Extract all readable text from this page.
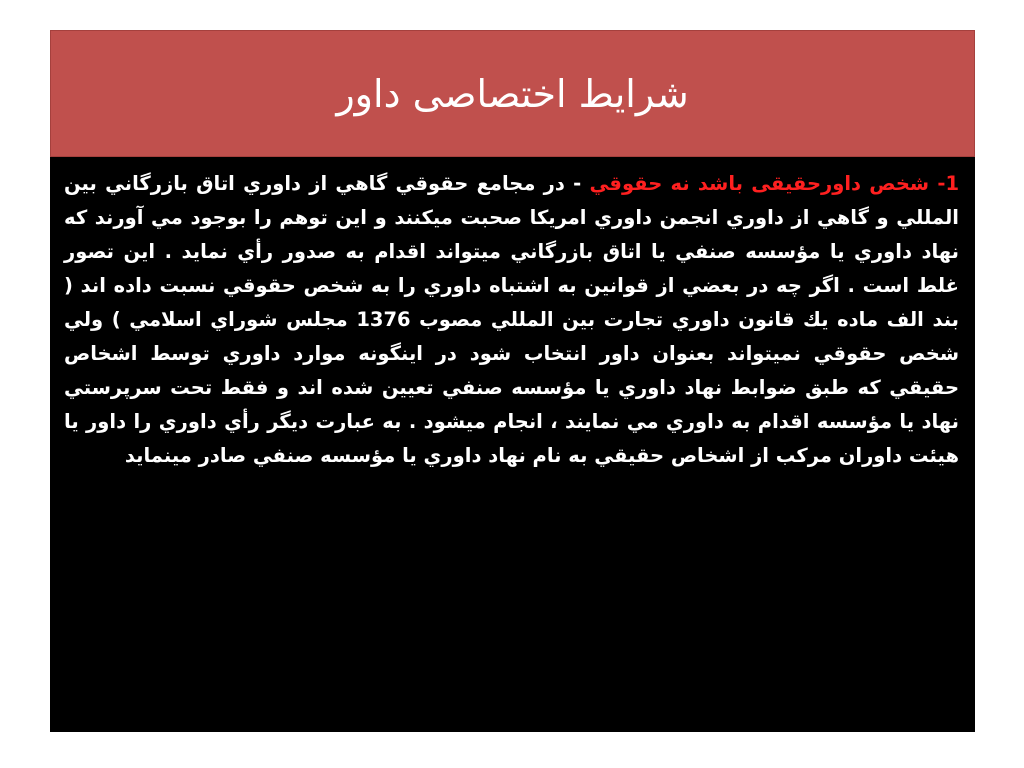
شرایط اختصاصی داور

1- شخص داورحقیقی باشد نه حقوقي - در مجامع حقوقي گاهي از داوري اتاق بازرگاني بين المللي و گاهي از داوري انجمن داوري امريكا صحبت ميكنند و اين توهم را بوجود مي آورند كه نهاد داوري يا مؤسسه صنفي يا اتاق بازرگاني ميتواند اقدام به صدور رأي نمايد . اين تصور غلط است . اگر چه در بعضي از قوانين به اشتباه داوري را به شخص حقوقي نسبت داده اند ( بند الف ماده يك قانون داوري تجارت بين المللي مصوب 1376 مجلس شوراي اسلامي ) ولي شخص حقوقي نميتواند بعنوان داور انتخاب شود در اينگونه موارد داوري توسط اشخاص حقيقي كه طبق ضوابط نهاد داوري يا مؤسسه صنفي تعيين شده اند و فقط تحت سرپرستي نهاد يا مؤسسه اقدام به داوري مي نمايند ، انجام ميشود . به عبارت ديگر رأي داوري را داور يا هيئت داوران مركب از اشخاص حقيقي به نام نهاد داوري يا مؤسسه صنفي صادر مينمايد
